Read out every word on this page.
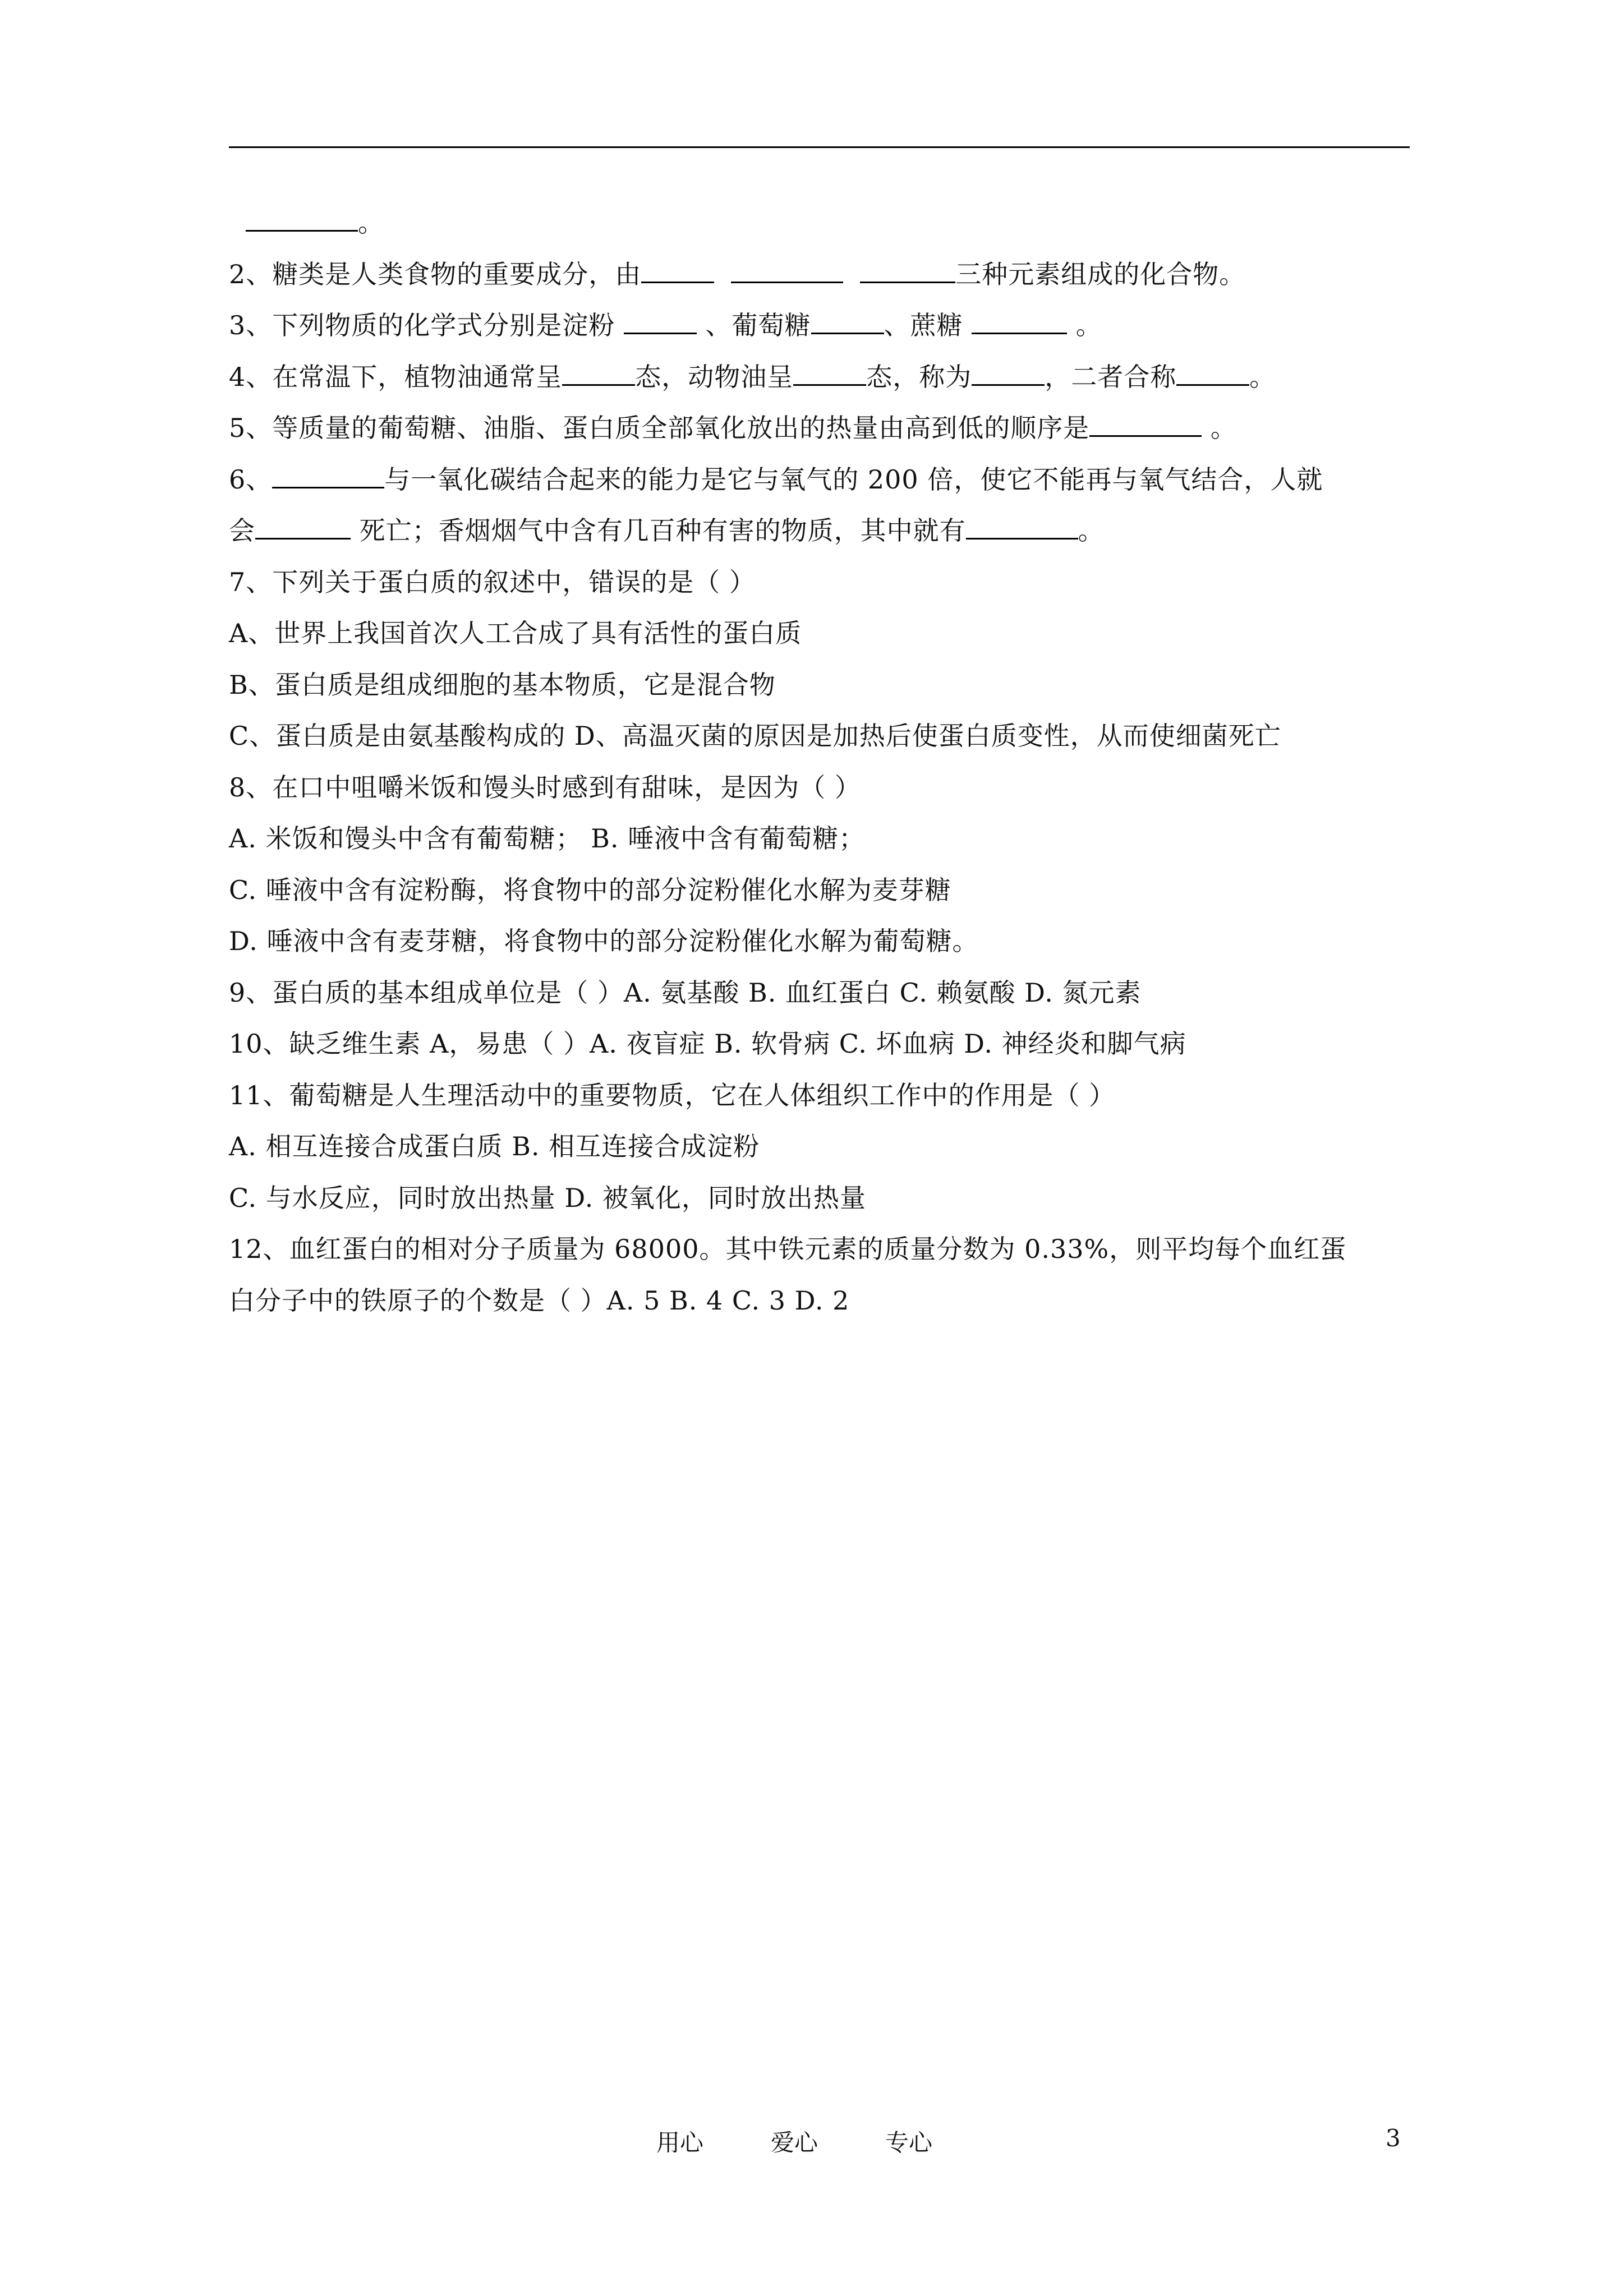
。
2、糖类是人类食物的重要成分，由	三种元素组成的化合物。
3、下列物质的化学式分别是淀粉	、葡萄糖	、蔗糖	。
4、在常温下，植物油通常呈	态，动物油呈	态，称为	，二者合称	。
5、等质量的葡萄糖、油脂、蛋白质全部氧化放出的热量由高到低的顺序是	。
6、	与一氧化碳结合起来的能力是它与氧气的 200 倍，使它不能再与氧气结合，人就
会	死亡；香烟烟气中含有几百种有害的物质，其中就有	。
7、下列关于蛋白质的叙述中，错误的是（ ）
A、世界上我国首次人工合成了具有活性的蛋白质
B、蛋白质是组成细胞的基本物质，它是混合物
C、蛋白质是由氨基酸构成的 D、高温灭菌的原因是加热后使蛋白质变性，从而使细菌死亡
8、在口中咀嚼米饭和馒头时感到有甜味，是因为（ ）
A. 米饭和馒头中含有葡萄糖； B. 唾液中含有葡萄糖；
C. 唾液中含有淀粉酶，将食物中的部分淀粉催化水解为麦芽糖
D. 唾液中含有麦芽糖，将食物中的部分淀粉催化水解为葡萄糖。
9、蛋白质的基本组成单位是（ ）A. 氨基酸 B. 血红蛋白 C. 赖氨酸 D. 氮元素
10、缺乏维生素 A，易患（ ）A. 夜盲症 B. 软骨病 C. 坏血病 D. 神经炎和脚气病
11、葡萄糖是人生理活动中的重要物质，它在人体组织工作中的作用是（ ）
A. 相互连接合成蛋白质 B. 相互连接合成淀粉
C. 与水反应，同时放出热量 D. 被氧化，同时放出热量
12、血红蛋白的相对分子质量为 68000。其中铁元素的质量分数为 0.33%，则平均每个血红蛋
白分子中的铁原子的个数是（ ）A. 5 B. 4 C. 3 D. 2
用心	爱心	专心	3
